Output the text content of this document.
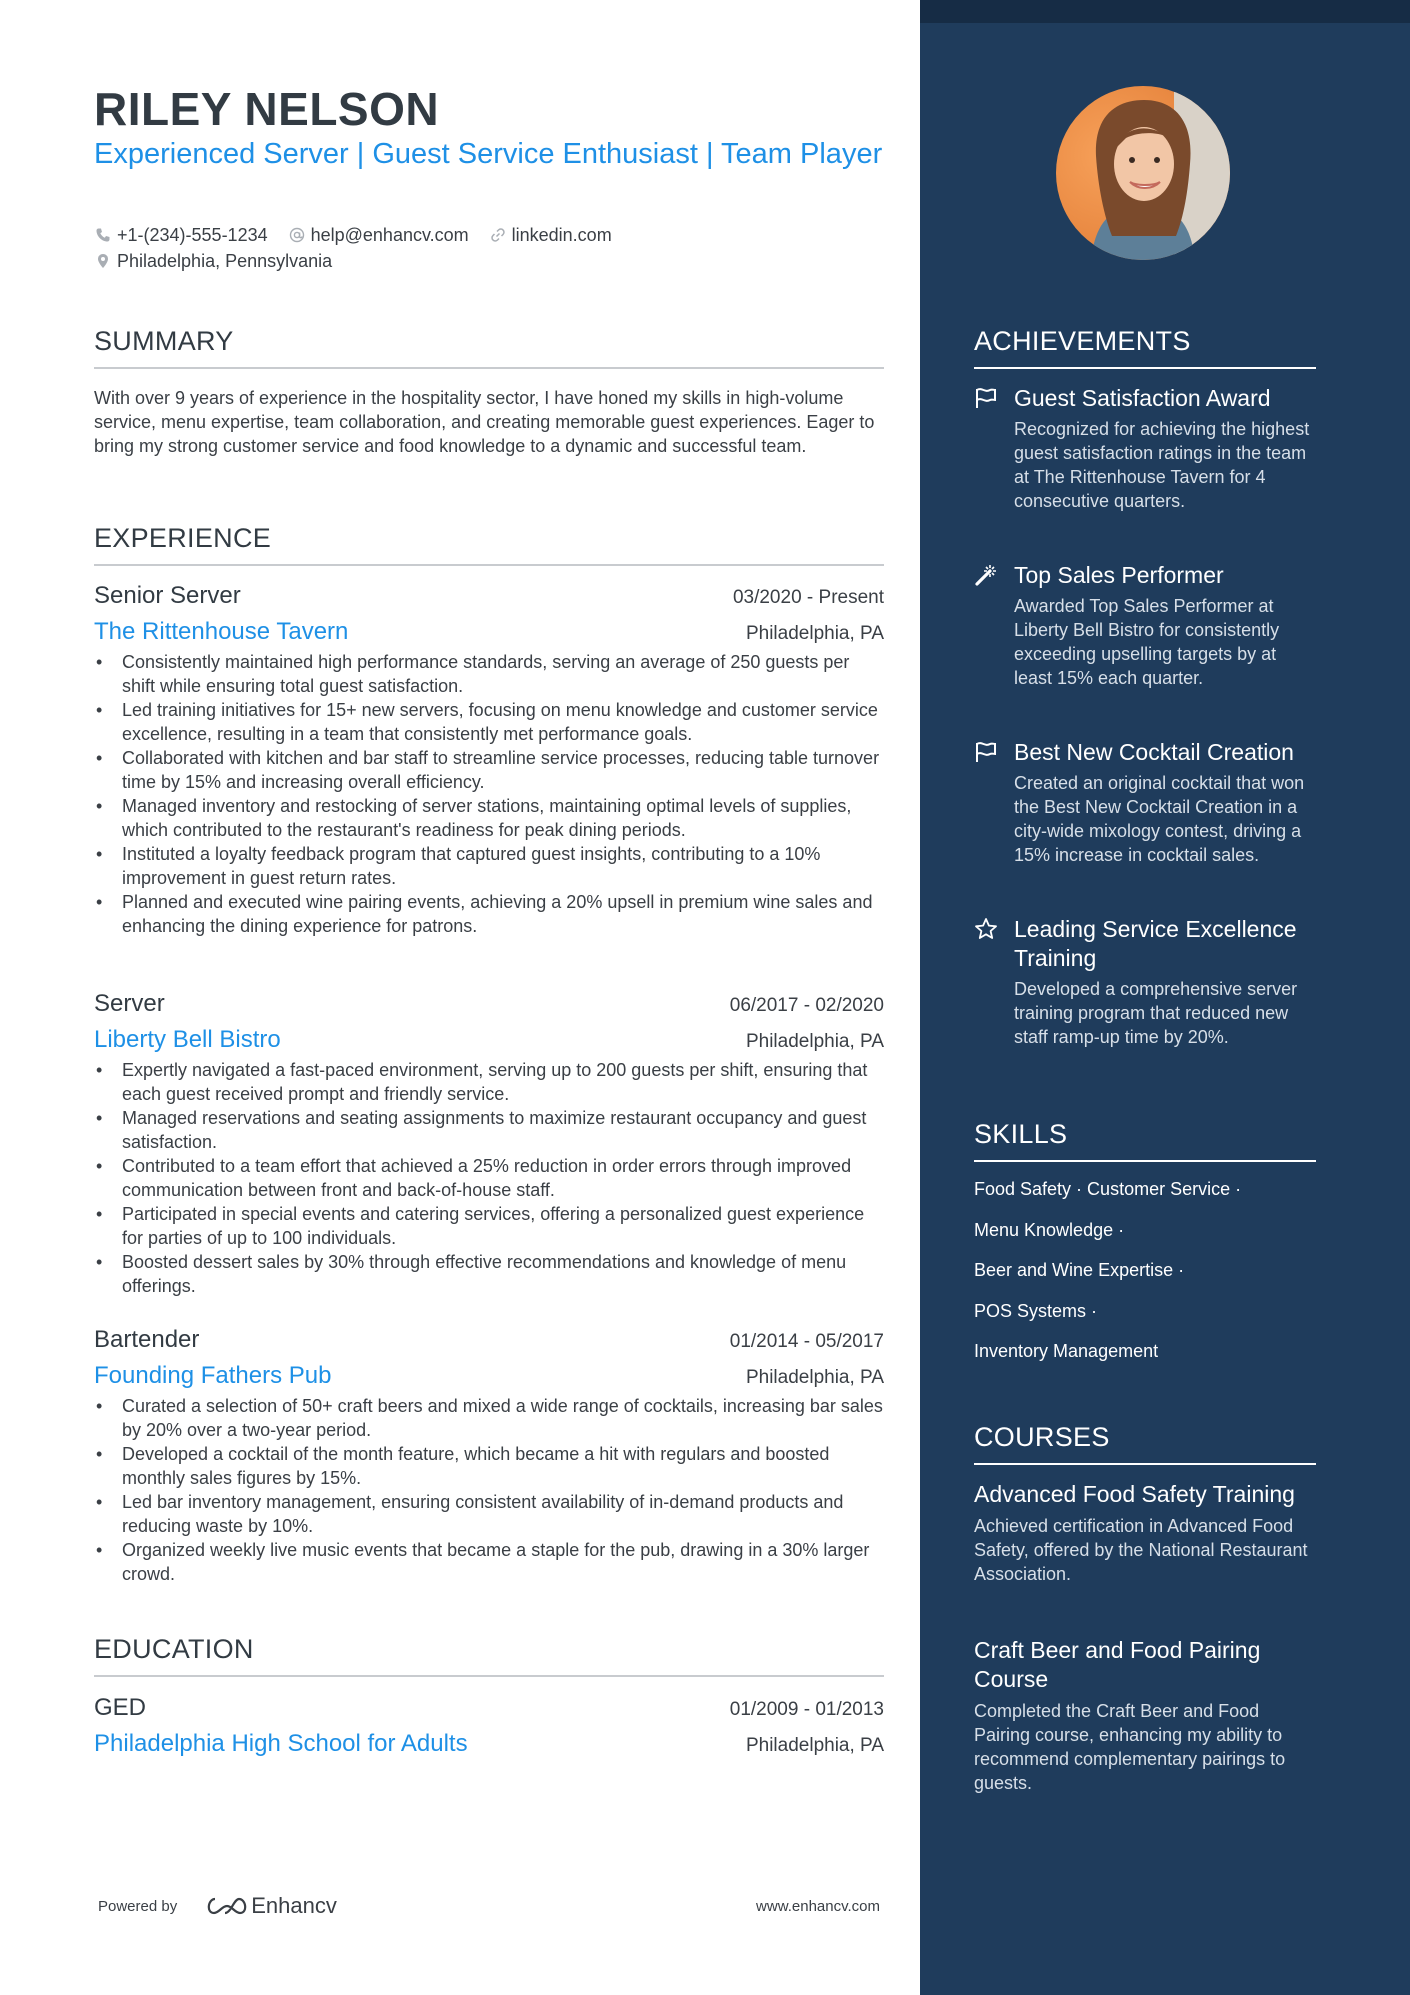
RILEY NELSON
Experienced Server | Guest Service Enthusiast | Team Player
+1-(234)-555-1234 help@enhancv.com linkedin.com
Philadelphia, Pennsylvania
SUMMARY
With over 9 years of experience in the hospitality sector, I have honed my skills in high-volume service, menu expertise, team collaboration, and creating memorable guest experiences. Eager to bring my strong customer service and food knowledge to a dynamic and successful team.
EXPERIENCE
Senior Server	03/2020 - Present
The Rittenhouse Tavern	Philadelphia, PA
• Consistently maintained high performance standards, serving an average of 250 guests per shift while ensuring total guest satisfaction.
• Led training initiatives for 15+ new servers, focusing on menu knowledge and customer service excellence, resulting in a team that consistently met performance goals.
• Collaborated with kitchen and bar staff to streamline service processes, reducing table turnover time by 15% and increasing overall efficiency.
• Managed inventory and restocking of server stations, maintaining optimal levels of supplies, which contributed to the restaurant's readiness for peak dining periods.
• Instituted a loyalty feedback program that captured guest insights, contributing to a 10% improvement in guest return rates.
• Planned and executed wine pairing events, achieving a 20% upsell in premium wine sales and enhancing the dining experience for patrons.
Server	06/2017 - 02/2020
Liberty Bell Bistro	Philadelphia, PA
• Expertly navigated a fast-paced environment, serving up to 200 guests per shift, ensuring that each guest received prompt and friendly service.
• Managed reservations and seating assignments to maximize restaurant occupancy and guest satisfaction.
• Contributed to a team effort that achieved a 25% reduction in order errors through improved communication between front and back-of-house staff.
• Participated in special events and catering services, offering a personalized guest experience for parties of up to 100 individuals.
• Boosted dessert sales by 30% through effective recommendations and knowledge of menu offerings.
Bartender	01/2014 - 05/2017
Founding Fathers Pub	Philadelphia, PA
• Curated a selection of 50+ craft beers and mixed a wide range of cocktails, increasing bar sales by 20% over a two-year period.
• Developed a cocktail of the month feature, which became a hit with regulars and boosted monthly sales figures by 15%.
• Led bar inventory management, ensuring consistent availability of in-demand products and reducing waste by 10%.
• Organized weekly live music events that became a staple for the pub, drawing in a 30% larger crowd.
EDUCATION
GED	01/2009 - 01/2013
Philadelphia High School for Adults	Philadelphia, PA
Powered by	Enhancv	www.enhancv.com
ACHIEVEMENTS
Guest Satisfaction Award
Recognized for achieving the highest guest satisfaction ratings in the team at The Rittenhouse Tavern for 4 consecutive quarters.
Top Sales Performer
Awarded Top Sales Performer at Liberty Bell Bistro for consistently exceeding upselling targets by at least 15% each quarter.
Best New Cocktail Creation
Created an original cocktail that won the Best New Cocktail Creation in a city-wide mixology contest, driving a 15% increase in cocktail sales.
Leading Service Excellence Training
Developed a comprehensive server training program that reduced new staff ramp-up time by 20%.
SKILLS
Food Safety · Customer Service ·
Menu Knowledge ·
Beer and Wine Expertise ·
POS Systems ·
Inventory Management
COURSES
Advanced Food Safety Training
Achieved certification in Advanced Food Safety, offered by the National Restaurant Association.
Craft Beer and Food Pairing Course
Completed the Craft Beer and Food Pairing course, enhancing my ability to recommend complementary pairings to guests.
